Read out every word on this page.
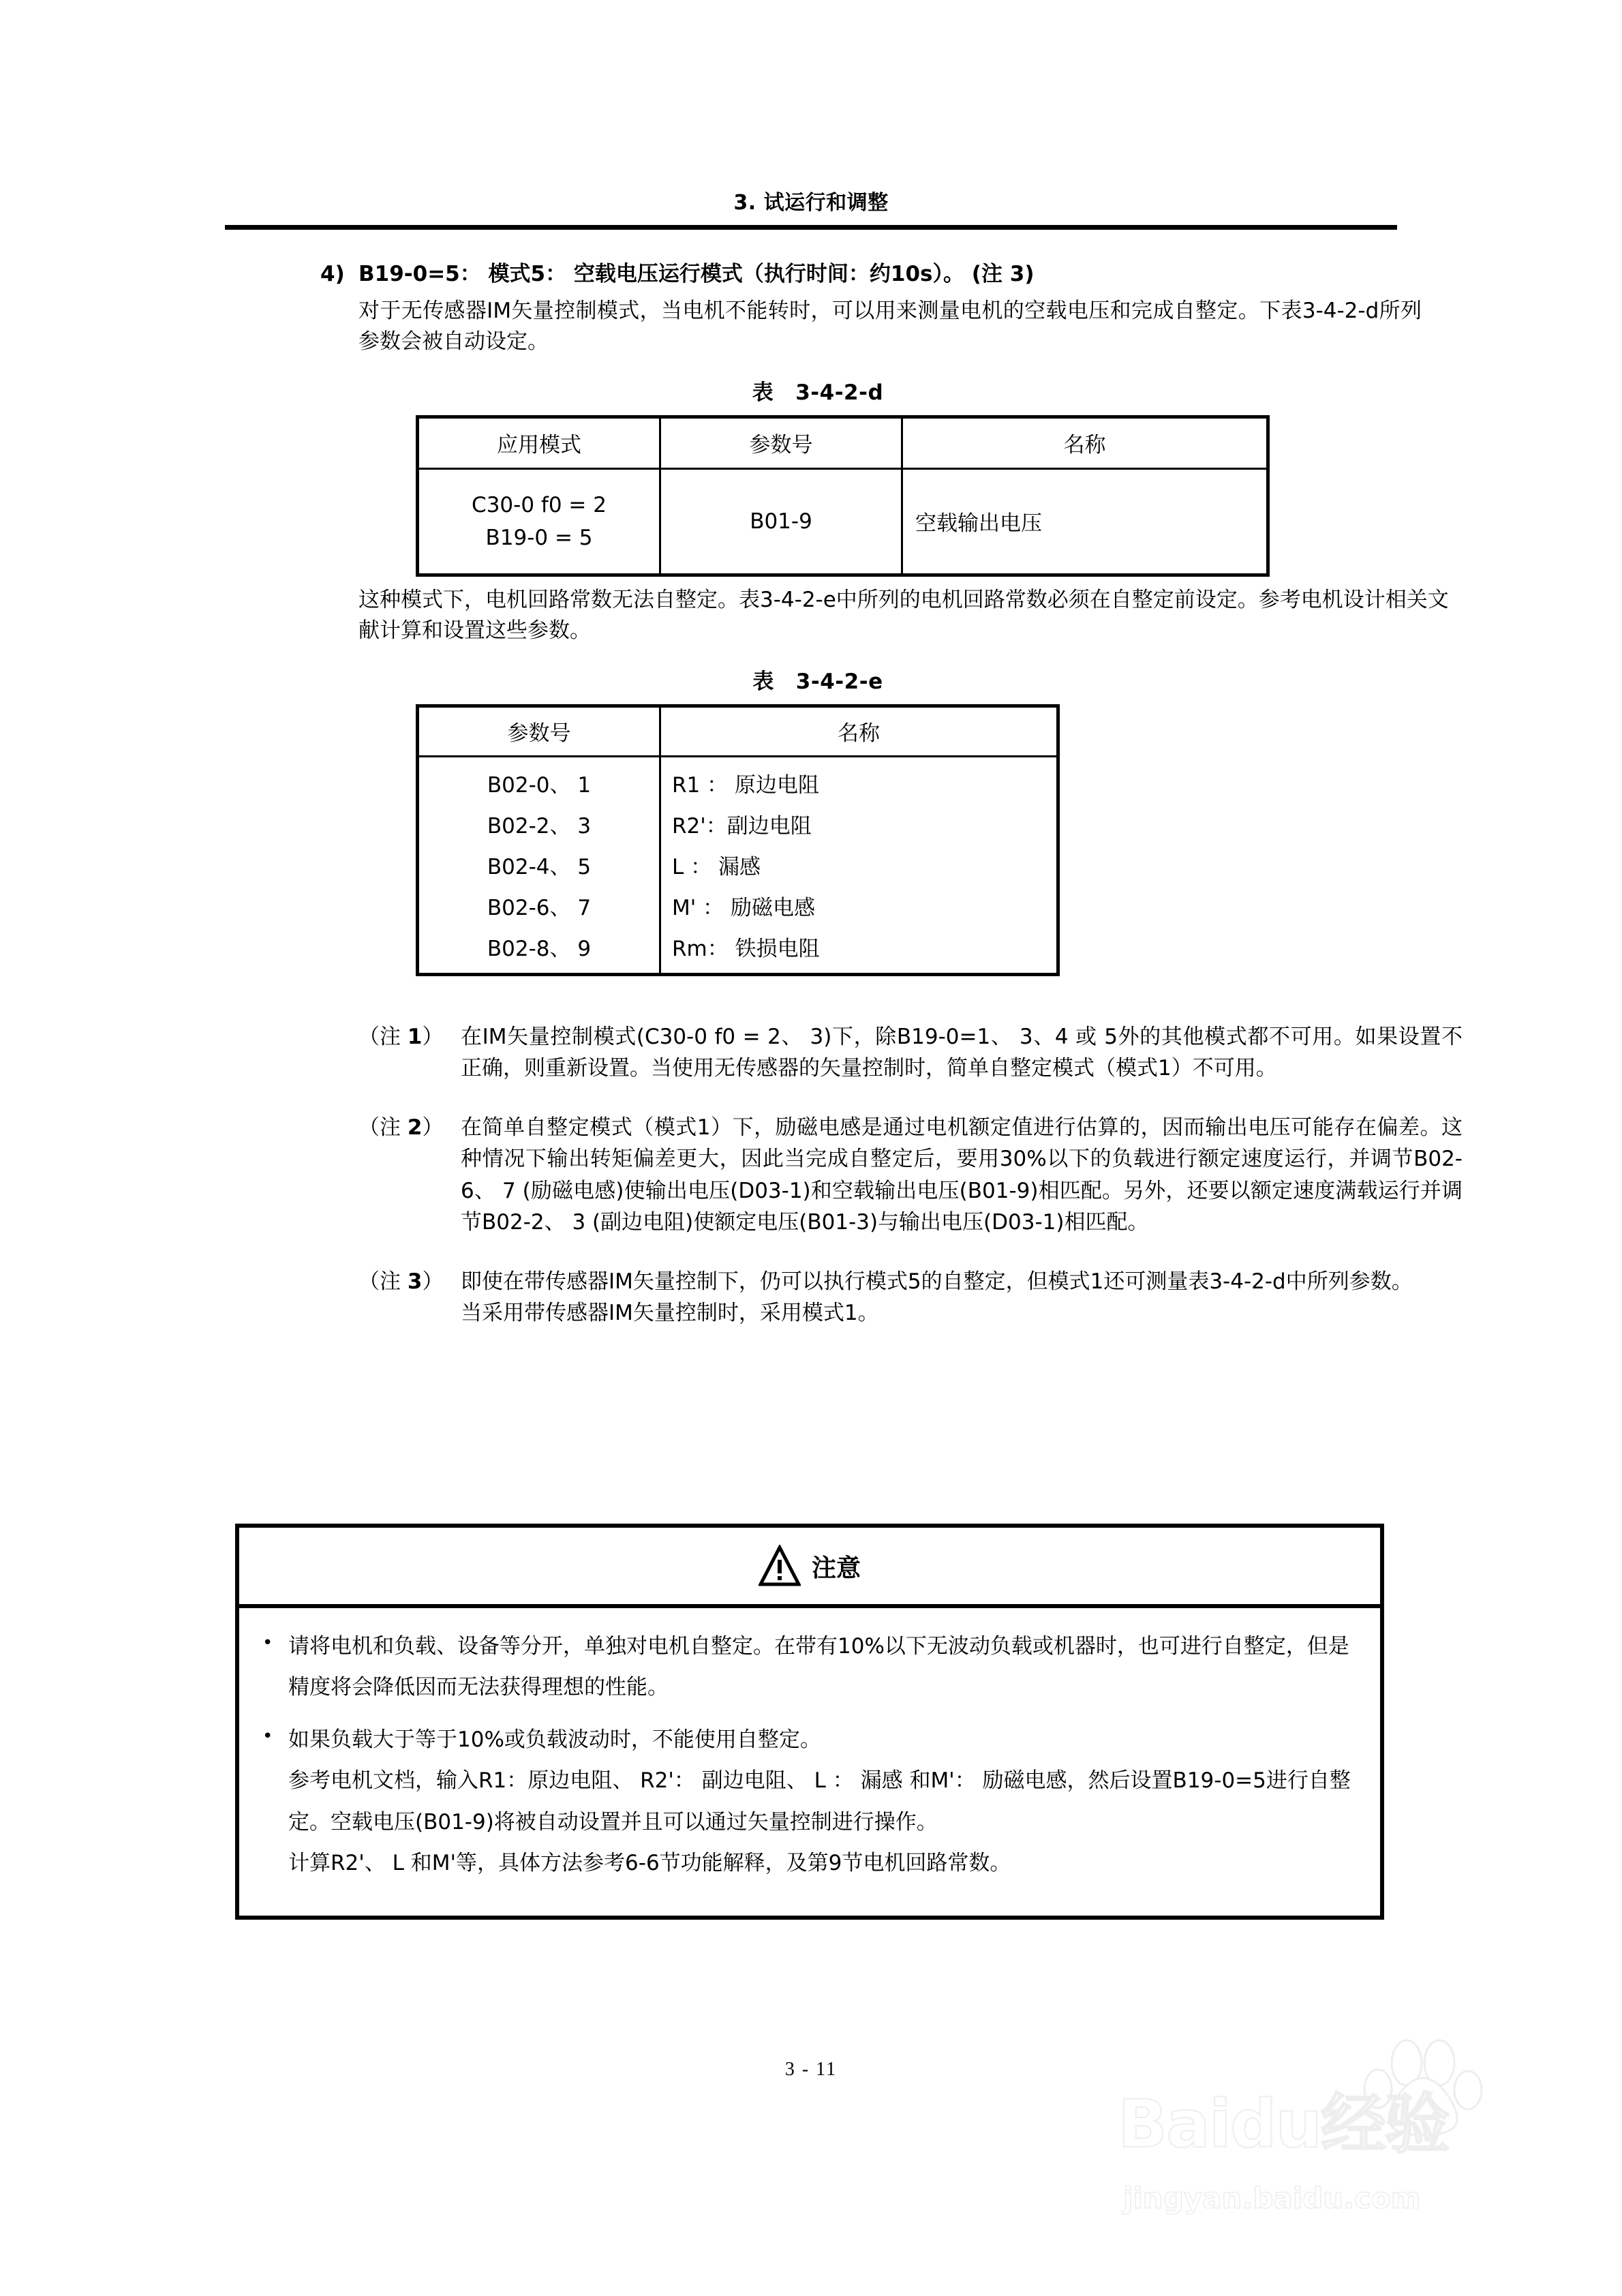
3. 试运行和调整
4) B19-0=5： 模式5： 空载电压运行模式（执行时间：约10s）。 (注 3)
对于无传感器IM矢量控制模式，当电机不能转时，可以用来测量电机的空载电压和完成自整定。下表3-4-2-d所列参数会被自动设定。
表 3-4-2-d
应用模式	参数号	名称

C30-0 f0 = 2
B19-0 = 5	B01-9	空载输出电压
这种模式下，电机回路常数无法自整定。表3-4-2-e中所列的电机回路常数必须在自整定前设定。参考电机设计相关文献计算和设置这些参数。
表 3-4-2-e
参数号	名称
B02-0、 1	R1 ： 原边电阻
B02-2、 3	R2'：副边电阻
B02-4、 5	L ： 漏感
B02-6、 7	M' ： 励磁电感
B02-8、 9	Rm： 铁损电阻
（注 1） 在IM矢量控制模式(C30-0 f0 = 2、 3)下，除B19-0=1、 3、4 或 5外的其他模式都不可用。如果设置不正确，则重新设置。当使用无传感器的矢量控制时，简单自整定模式（模式1）不可用。
（注 2） 在简单自整定模式（模式1）下，励磁电感是通过电机额定值进行估算的，因而输出电压可能存在偏差。这种情况下输出转矩偏差更大，因此当完成自整定后，要用30%以下的负载进行额定速度运行，并调节B02-6、 7 (励磁电感)使输出电压(D03-1)和空载输出电压(B01-9)相匹配。另外，还要以额定速度满载运行并调节B02-2、 3 (副边电阻)使额定电压(B01-3)与输出电压(D03-1)相匹配。
（注 3） 即使在带传感器IM矢量控制下，仍可以执行模式5的自整定，但模式1还可测量表3-4-2-d中所列参数。
当采用带传感器IM矢量控制时，采用模式1。
注意
• 请将电机和负载、设备等分开，单独对电机自整定。在带有10%以下无波动负载或机器时，也可进行自整定，但是精度将会降低因而无法获得理想的性能。
• 如果负载大于等于10%或负载波动时，不能使用自整定。
参考电机文档，输入R1：原边电阻、 R2'： 副边电阻、 L ： 漏感 和M'： 励磁电感，然后设置B19-0=5进行自整定。空载电压(B01-9)将被自动设置并且可以通过矢量控制进行操作。
计算R2'、 L 和M'等，具体方法参考6-6节功能解释，及第9节电机回路常数。
3 - 11
Baidu经验
jingyan.baidu.com
